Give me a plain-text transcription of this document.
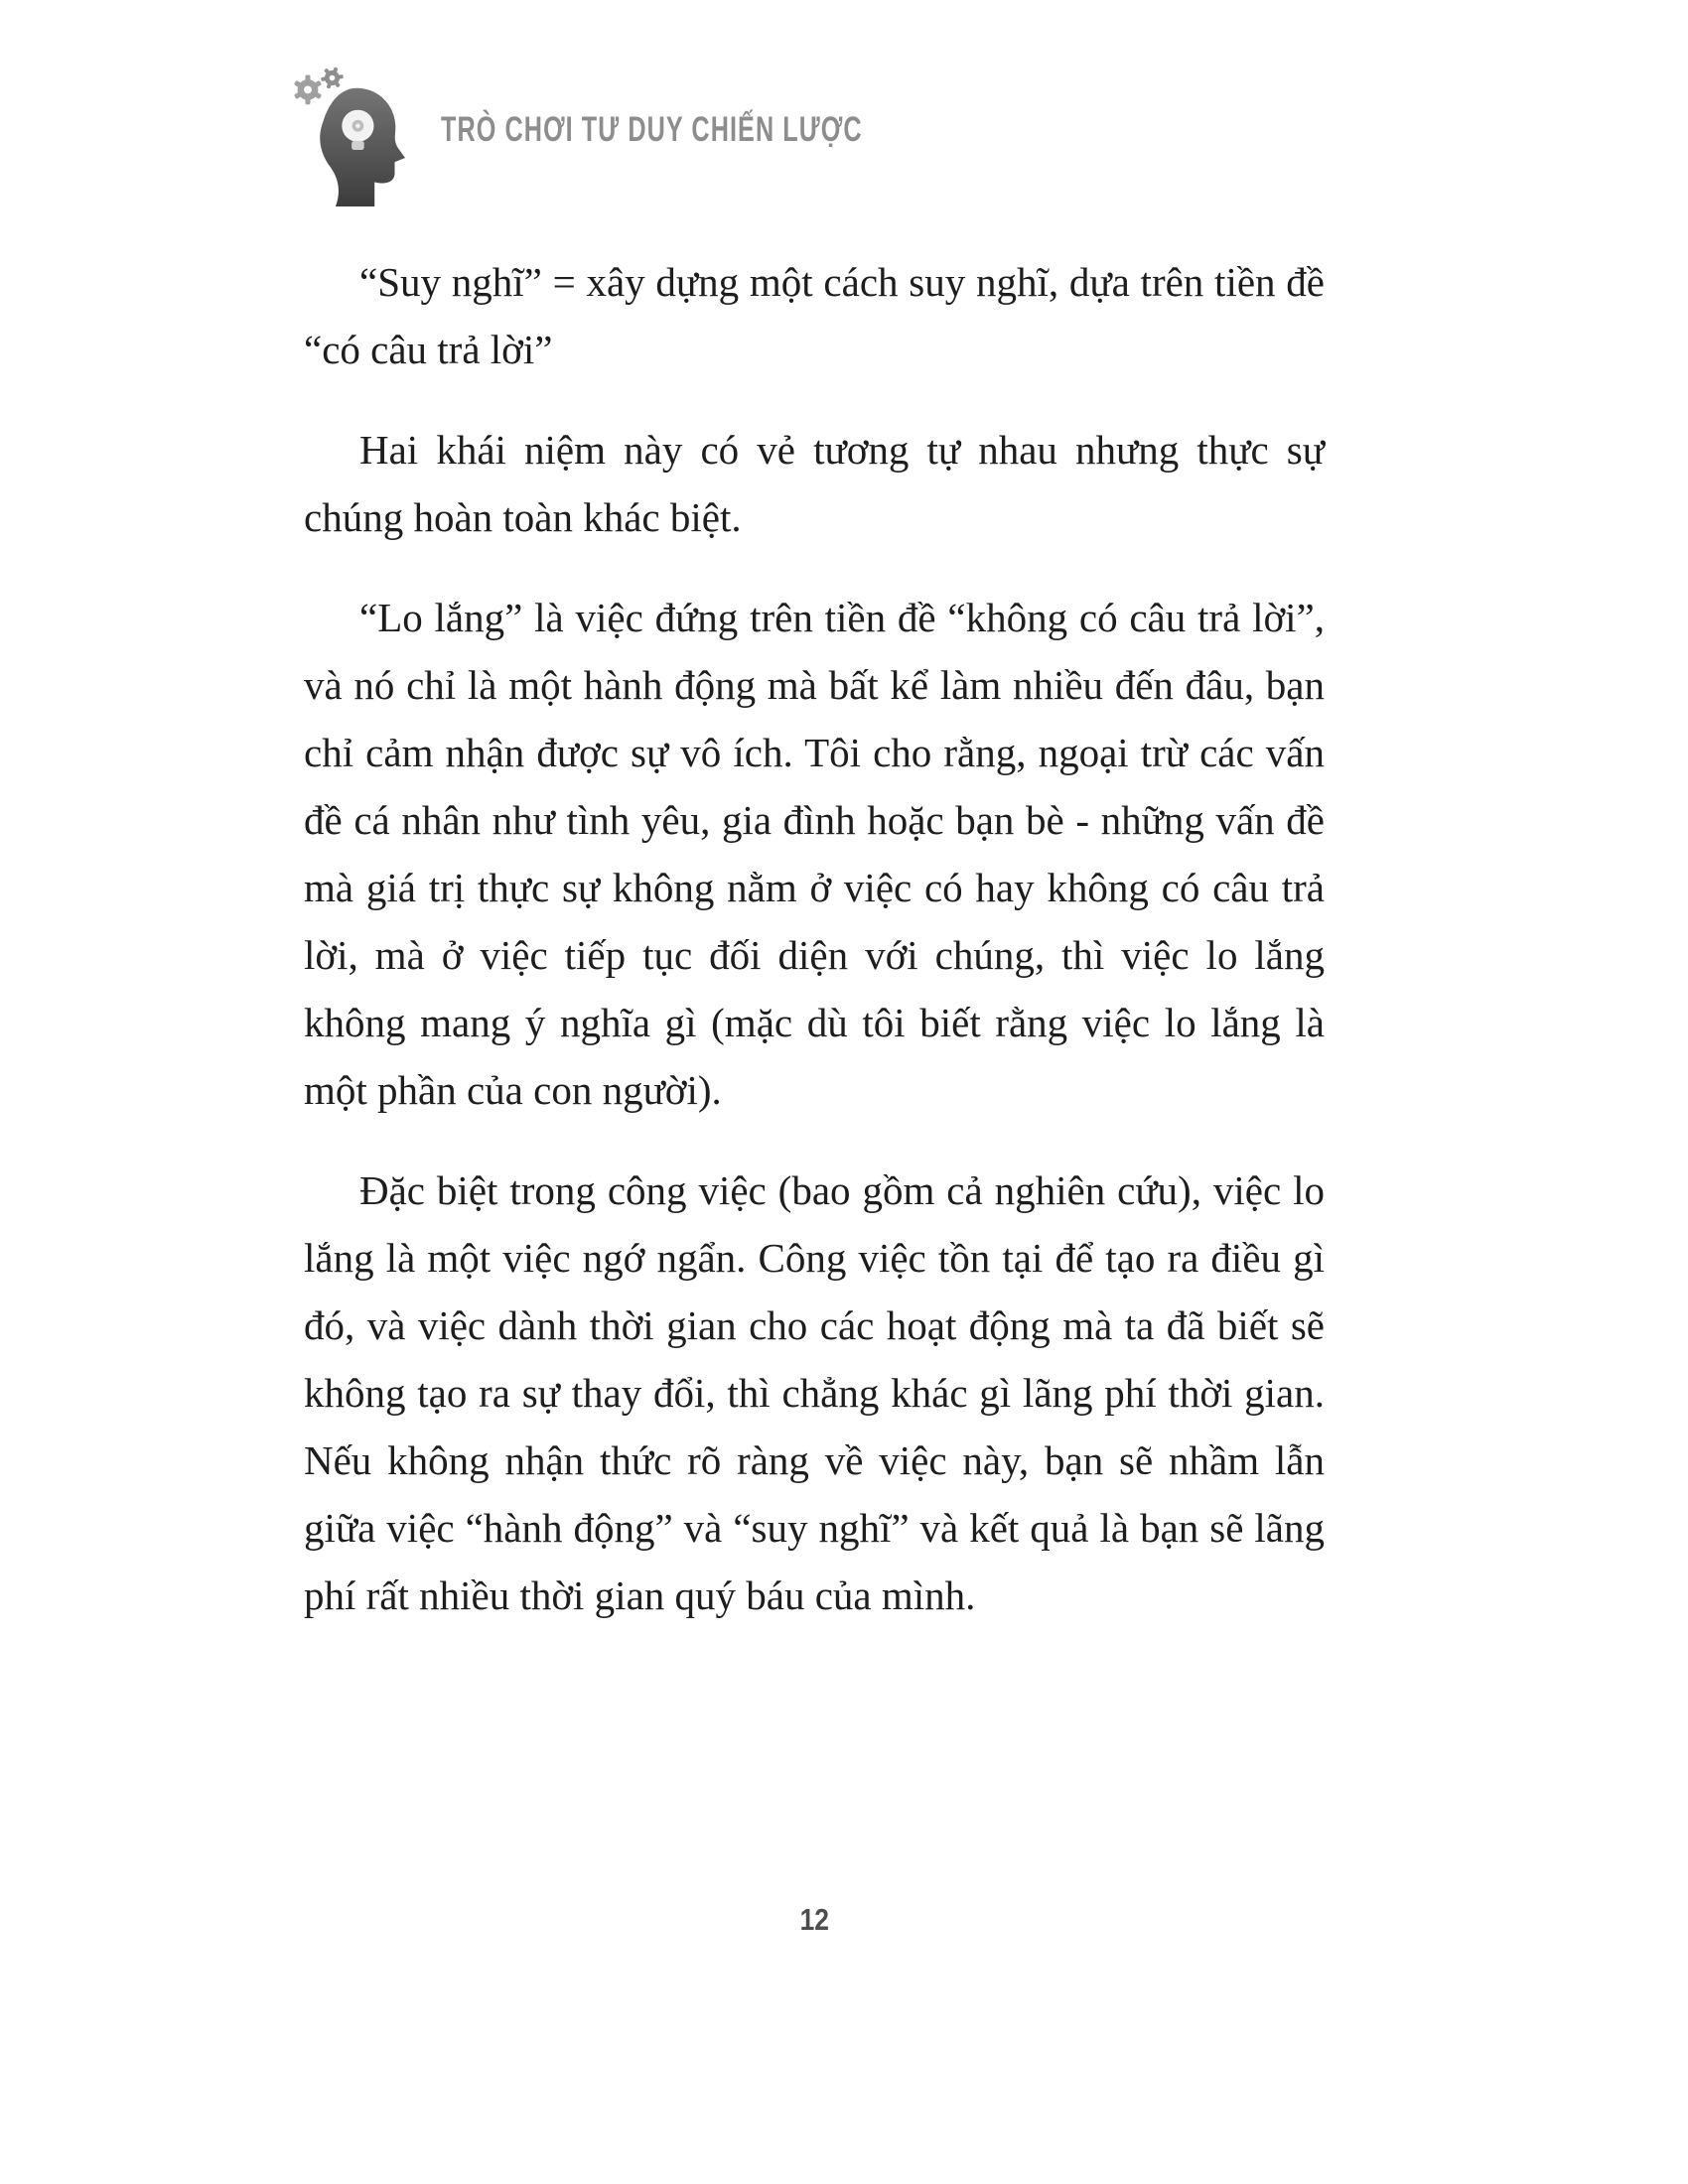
TRÒ CHƠI TƯ DUY CHIẾN LƯỢC

“Suy nghĩ” = xây dựng một cách suy nghĩ, dựa trên tiền đề “có câu trả lời”

Hai khái niệm này có vẻ tương tự nhau nhưng thực sự chúng hoàn toàn khác biệt.

“Lo lắng” là việc đứng trên tiền đề “không có câu trả lời”, và nó chỉ là một hành động mà bất kể làm nhiều đến đâu, bạn chỉ cảm nhận được sự vô ích. Tôi cho rằng, ngoại trừ các vấn đề cá nhân như tình yêu, gia đình hoặc bạn bè - những vấn đề mà giá trị thực sự không nằm ở việc có hay không có câu trả lời, mà ở việc tiếp tục đối diện với chúng, thì việc lo lắng không mang ý nghĩa gì (mặc dù tôi biết rằng việc lo lắng là một phần của con người).

Đặc biệt trong công việc (bao gồm cả nghiên cứu), việc lo lắng là một việc ngớ ngẩn. Công việc tồn tại để tạo ra điều gì đó, và việc dành thời gian cho các hoạt động mà ta đã biết sẽ không tạo ra sự thay đổi, thì chẳng khác gì lãng phí thời gian. Nếu không nhận thức rõ ràng về việc này, bạn sẽ nhầm lẫn giữa việc “hành động” và “suy nghĩ” và kết quả là bạn sẽ lãng phí rất nhiều thời gian quý báu của mình.

12
